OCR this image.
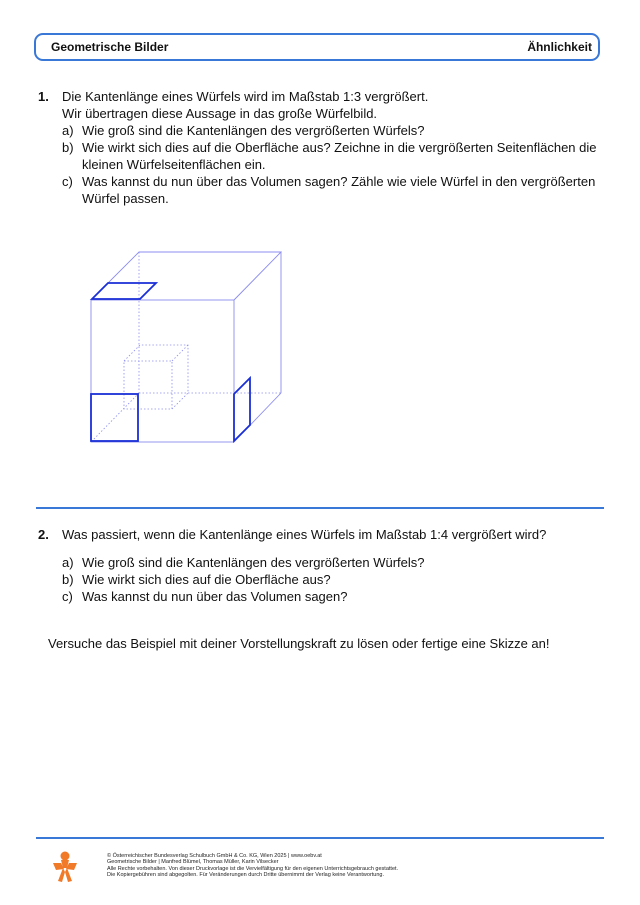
Geometrische Bilder	Ähnlichkeit
1. Die Kantenlänge eines Würfels wird im Maßstab 1:3 vergrößert.
Wir übertragen diese Aussage in das große Würfelbild.
a) Wie groß sind die Kantenlängen des vergrößerten Würfels?
b) Wie wirkt sich dies auf die Oberfläche aus? Zeichne in die vergrößerten Seitenflächen die kleinen Würfelseitenflächen ein.
c) Was kannst du nun über das Volumen sagen? Zähle wie viele Würfel in den vergrößerten Würfel passen.
2. Was passiert, wenn die Kantenlänge eines Würfels im Maßstab 1:4 vergrößert wird?
a) Wie groß sind die Kantenlängen des vergrößerten Würfels?
b) Wie wirkt sich dies auf die Oberfläche aus?
c) Was kannst du nun über das Volumen sagen?
Versuche das Beispiel mit deiner Vorstellungskraft zu lösen oder fertige eine Skizze an!
© Österreichischer Bundesverlag Schulbuch GmbH & Co. KG, Wien 2025 | www.oebv.at
Geometrische Bilder | Manfred Blümel, Thomas Müller, Karin Vilsecker
Alle Rechte vorbehalten. Von dieser Druckvorlage ist die Vervielfältigung für den eigenen Unterrichtsgebrauch gestattet.
Die Kopiergebühren sind abgegolten. Für Veränderungen durch Dritte übernimmt der Verlag keine Verantwortung.
